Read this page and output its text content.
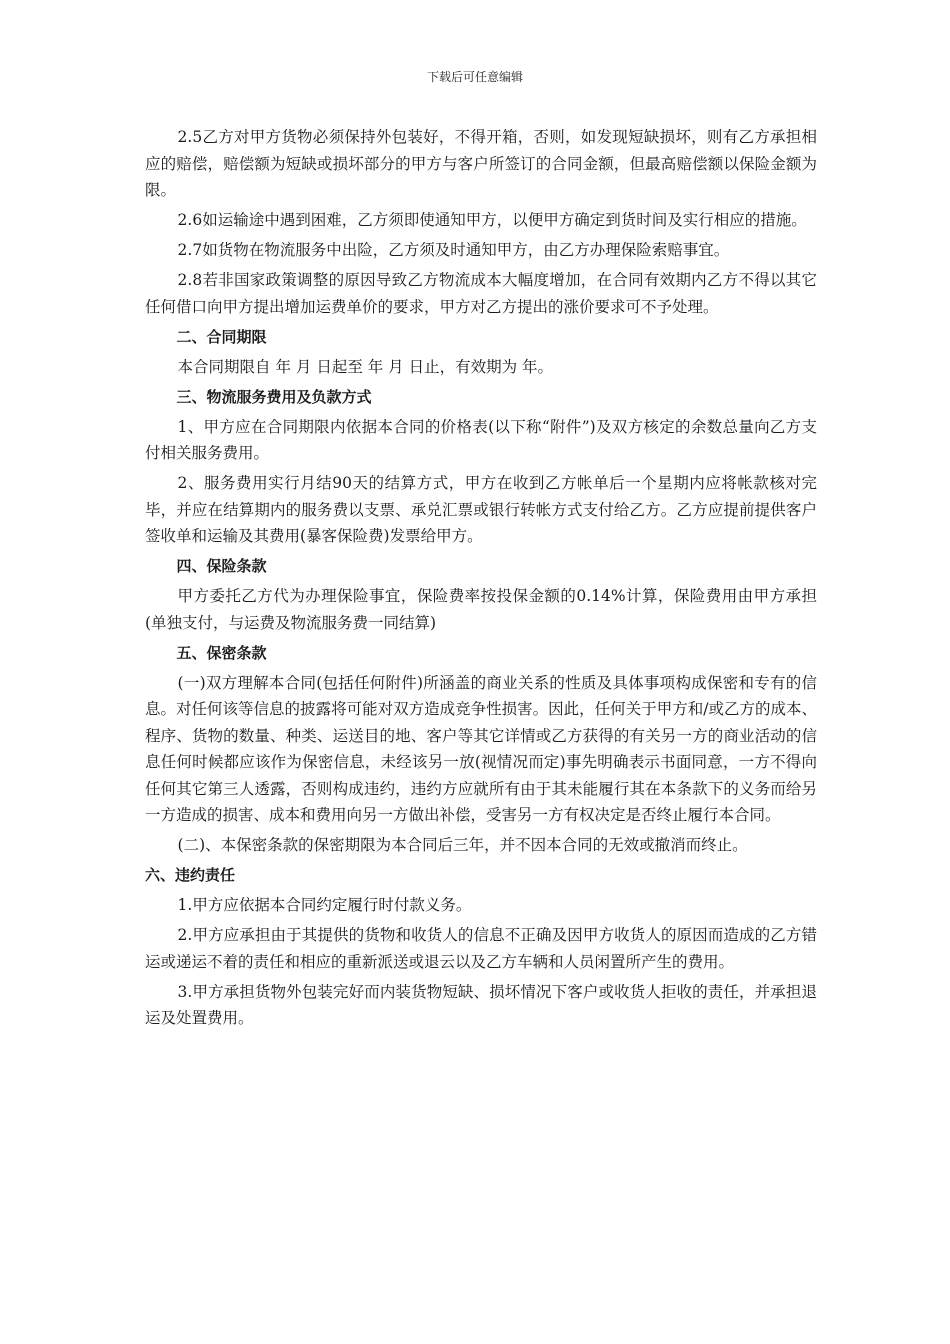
下载后可任意编辑

2.5乙方对甲方货物必须保持外包装好，不得开箱，否则，如发现短缺损坏，则有乙方承担相应的赔偿，赔偿额为短缺或损坏部分的甲方与客户所签订的合同金额，但最高赔偿额以保险金额为限。

2.6如运输途中遇到困难，乙方须即使通知甲方，以便甲方确定到货时间及实行相应的措施。

2.7如货物在物流服务中出险，乙方须及时通知甲方，由乙方办理保险索赔事宜。

2.8若非国家政策调整的原因导致乙方物流成本大幅度增加，在合同有效期内乙方不得以其它任何借口向甲方提出增加运费单价的要求，甲方对乙方提出的涨价要求可不予处理。

二、合同期限

本合同期限自 年 月 日起至 年 月 日止，有效期为 年。

三、物流服务费用及负款方式

1、甲方应在合同期限内依据本合同的价格表(以下称“附件”)及双方核定的余数总量向乙方支付相关服务费用。

2、服务费用实行月结90天的结算方式，甲方在收到乙方帐单后一个星期内应将帐款核对完毕，并应在结算期内的服务费以支票、承兑汇票或银行转帐方式支付给乙方。乙方应提前提供客户签收单和运输及其费用(暴客保险费)发票给甲方。

四、保险条款

甲方委托乙方代为办理保险事宜，保险费率按投保金额的0.14%计算，保险费用由甲方承担(单独支付，与运费及物流服务费一同结算)

五、保密条款

(一)双方理解本合同(包括任何附件)所涵盖的商业关系的性质及具体事项构成保密和专有的信息。对任何该等信息的披露将可能对双方造成竞争性损害。因此，任何关于甲方和/或乙方的成本、程序、货物的数量、种类、运送目的地、客户等其它详情或乙方获得的有关另一方的商业活动的信息任何时候都应该作为保密信息，未经该另一放(视情况而定)事先明确表示书面同意，一方不得向任何其它第三人透露，否则构成违约，违约方应就所有由于其未能履行其在本条款下的义务而给另一方造成的损害、成本和费用向另一方做出补偿，受害另一方有权决定是否终止履行本合同。

(二)、本保密条款的保密期限为本合同后三年，并不因本合同的无效或撤消而终止。

六、违约责任

1.甲方应依据本合同约定履行时付款义务。

2.甲方应承担由于其提供的货物和收货人的信息不正确及因甲方收货人的原因而造成的乙方错运或递运不着的责任和相应的重新派送或退云以及乙方车辆和人员闲置所产生的费用。

3.甲方承担货物外包装完好而内装货物短缺、损坏情况下客户或收货人拒收的责任，并承担退运及处置费用。
